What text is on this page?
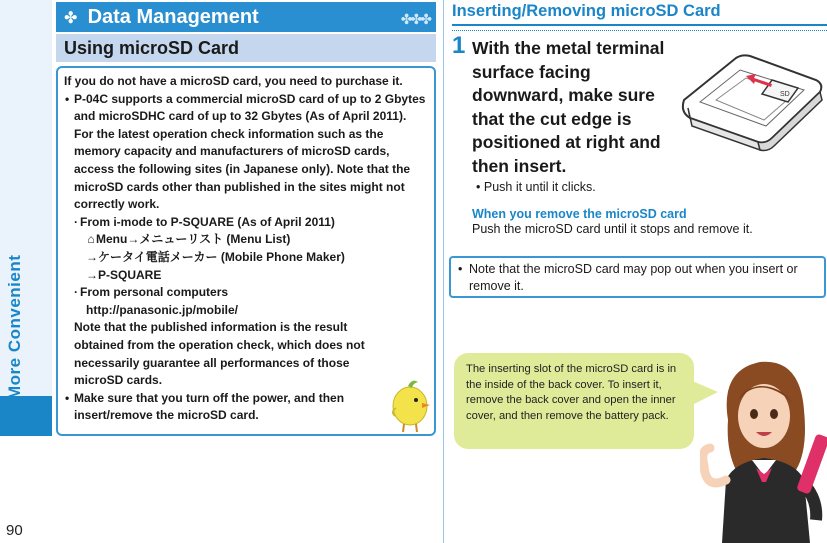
More Convenient
90
✤ Data Management	✤✤✤
Using microSD Card

If you do not have a microSD card, you need to purchase it.

• P-04C supports a commercial microSD card of up to 2 Gbytes and microSDHC card of up to 32 Gbytes (As of April 2011).

For the latest operation check information such as the memory capacity and manufacturers of microSD cards, access the following sites (in Japanese only). Note that the microSD cards other than published in the sites might not correctly work.

· From i-mode to P-SQUARE (As of April 2011)

⌂Menu→メニューリスト (Menu List)

→ケータイ電話メーカー (Mobile Phone Maker)

→P-SQUARE

· From personal computers

http://panasonic.jp/mobile/

Note that the published information is the result obtained from the operation check, which does not necessarily guarantee all performances of those microSD cards.

• Make sure that you turn off the power, and then insert/remove the microSD card.

Inserting/Removing microSD Card
1 With the metal terminal surface facing downward, make sure that the cut edge is positioned at right and then insert.
• Push it until it clicks.
SD
When you remove the microSD card
Push the microSD card until it stops and remove it.

• Note that the microSD card may pop out when you insert or remove it.

The inserting slot of the microSD card is in the inside of the back cover. To insert it, remove the back cover and open the inner cover, and then remove the battery pack.
